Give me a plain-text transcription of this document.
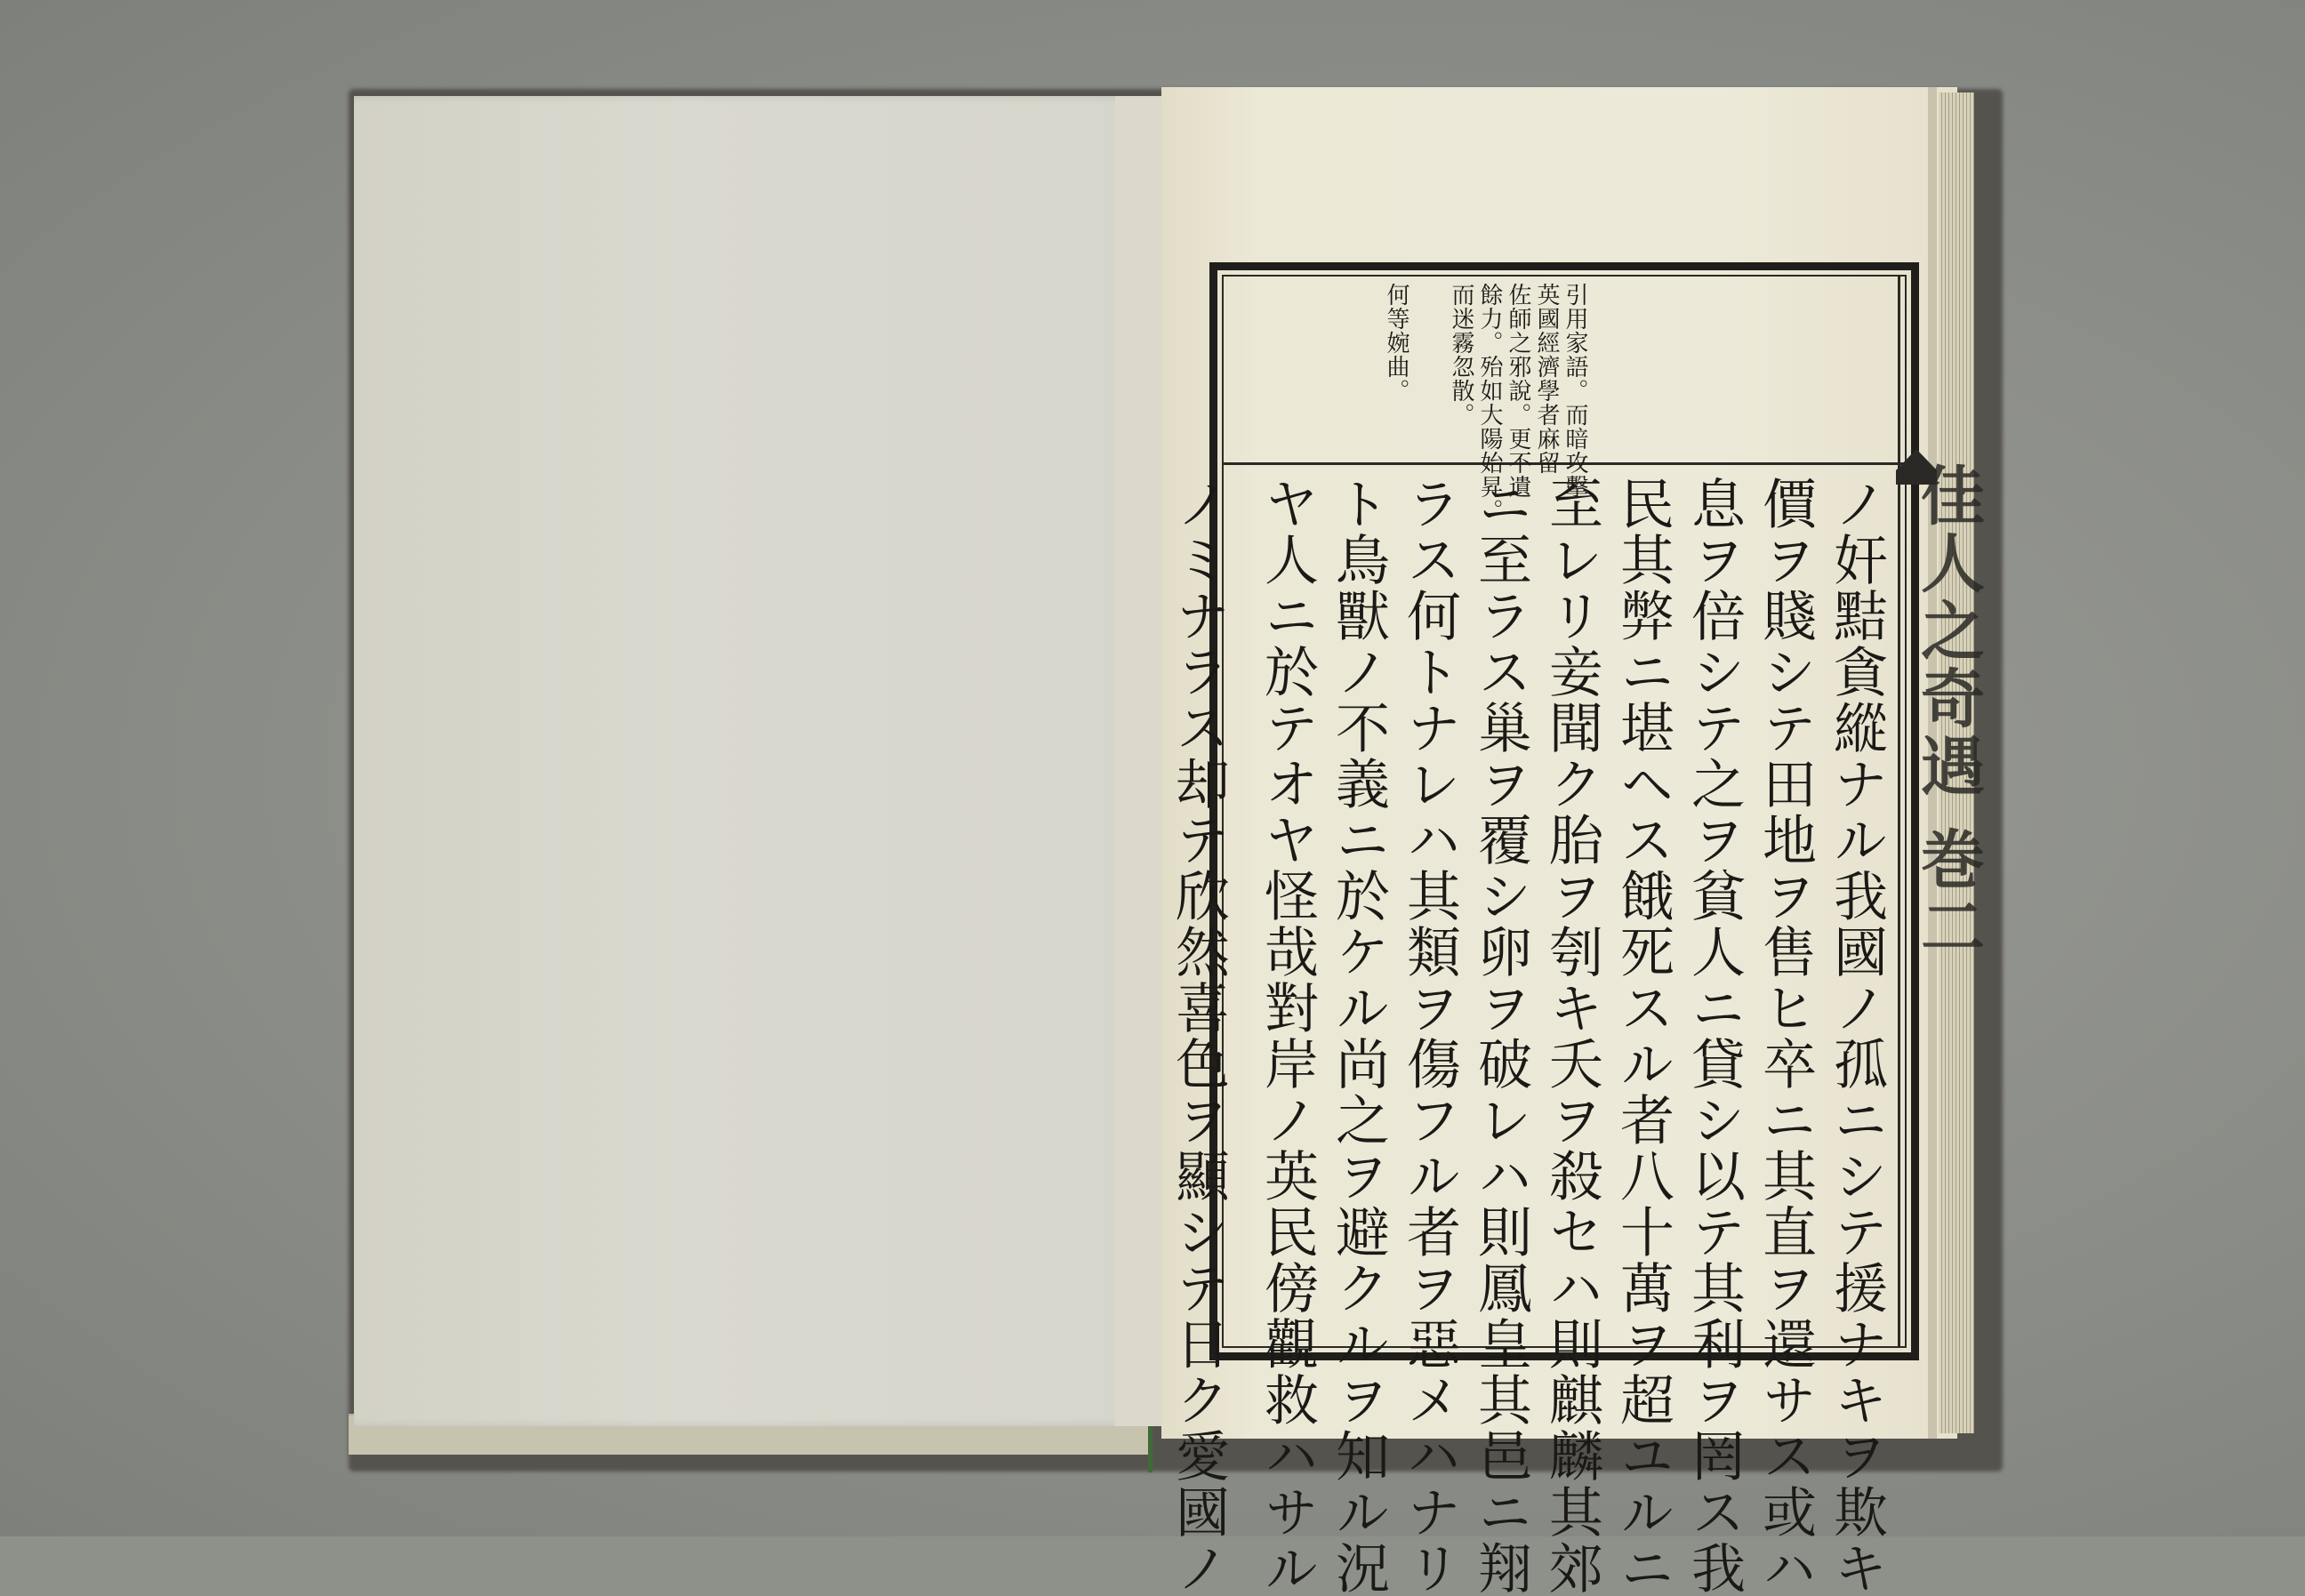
佳人之奇遇 巻二
引用家語。而暗攻擊
英國經濟學者麻留
佐師之邪說。更不遺
餘力。殆如大陽始昇。
而迷霧忽散。
何等婉曲。
ノ奸黠貪縱ナル我國ノ孤ニシテ援ナキヲ欺キ
價ヲ賤シテ田地ヲ售ヒ卒ニ其直ヲ還サス或ハ
息ヲ倍シテ之ヲ貧人ニ貸シ以テ其利ヲ罔ス我
民其弊ニ堪ヘス餓死スル者八十萬ヲ超ユルニ
至レリ妾聞ク胎ヲ刳キ夭ヲ殺セハ則麒麟其郊
ニ至ラス巢ヲ覆シ卵ヲ破レハ則鳳皇其邑ニ翔
ラス何トナレハ其類ヲ傷フル者ヲ惡メハナリ
ト鳥獸ノ不義ニ於ケル尚之ヲ避クルヲ知ル況
ヤ人ニ於テオヤ怪哉對岸ノ英民傍觀救ハサル
ノミナラス却テ欣然喜色ヲ顯シテ日ク愛國ノ
